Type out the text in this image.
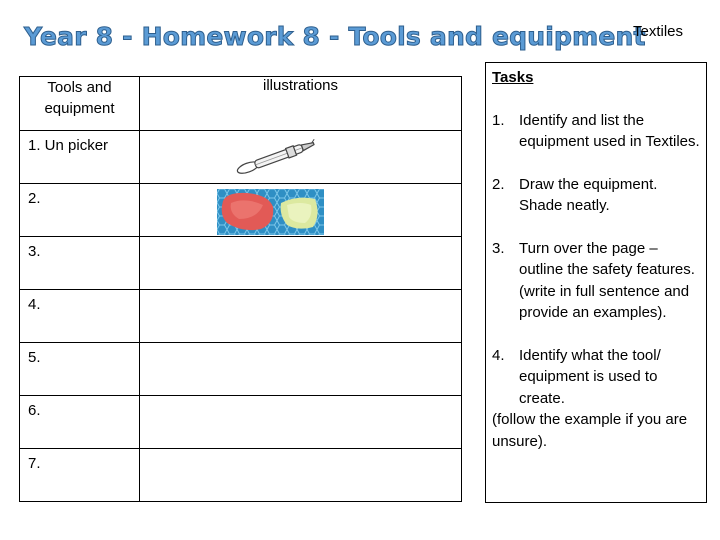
Year 8 - Homework 8 - Tools and equipment
Textiles
Tools and equipment	illustrations
1. Un picker	

2.	

3.	
4.	
5.	
6.	
7.	
Tasks
1. Identify and list the equipment used in Textiles.
2. Draw the equipment. Shade neatly.
3. Turn over the page – outline the safety features. (write in full sentence and provide an examples).
4. Identify what the tool/ equipment is used to create.
(follow the example if you are unsure).
